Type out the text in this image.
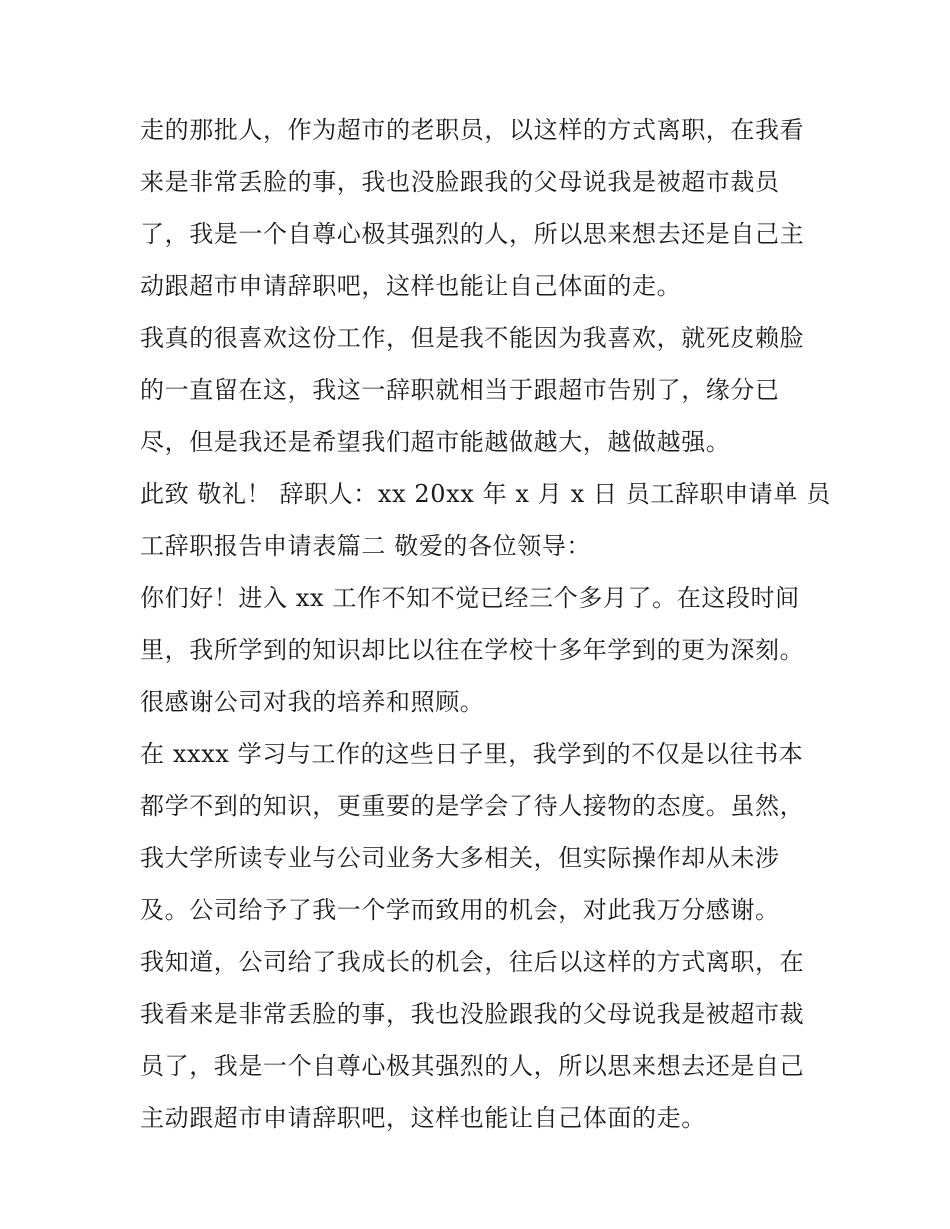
走的那批人，作为超市的老职员，以这样的方式离职，在我看
来是非常丢脸的事，我也没脸跟我的父母说我是被超市裁员
了，我是一个自尊心极其强烈的人，所以思来想去还是自己主
动跟超市申请辞职吧，这样也能让自己体面的走。
我真的很喜欢这份工作，但是我不能因为我喜欢，就死皮赖脸
的一直留在这，我这一辞职就相当于跟超市告别了，缘分已
尽，但是我还是希望我们超市能越做越大，越做越强。
此致 敬礼！ 辞职人：xx 20xx 年 x 月 x 日 员工辞职申请单 员
工辞职报告申请表篇二 敬爱的各位领导：
你们好！进入 xx 工作不知不觉已经三个多月了。在这段时间
里，我所学到的知识却比以往在学校十多年学到的更为深刻。
很感谢公司对我的培养和照顾。
在 xxxx 学习与工作的这些日子里，我学到的不仅是以往书本
都学不到的知识，更重要的是学会了待人接物的态度。虽然，
我大学所读专业与公司业务大多相关，但实际操作却从未涉
及。公司给予了我一个学而致用的机会，对此我万分感谢。
我知道，公司给了我成长的机会，往后以这样的方式离职，在
我看来是非常丢脸的事，我也没脸跟我的父母说我是被超市裁
员了，我是一个自尊心极其强烈的人，所以思来想去还是自己
主动跟超市申请辞职吧，这样也能让自己体面的走。
